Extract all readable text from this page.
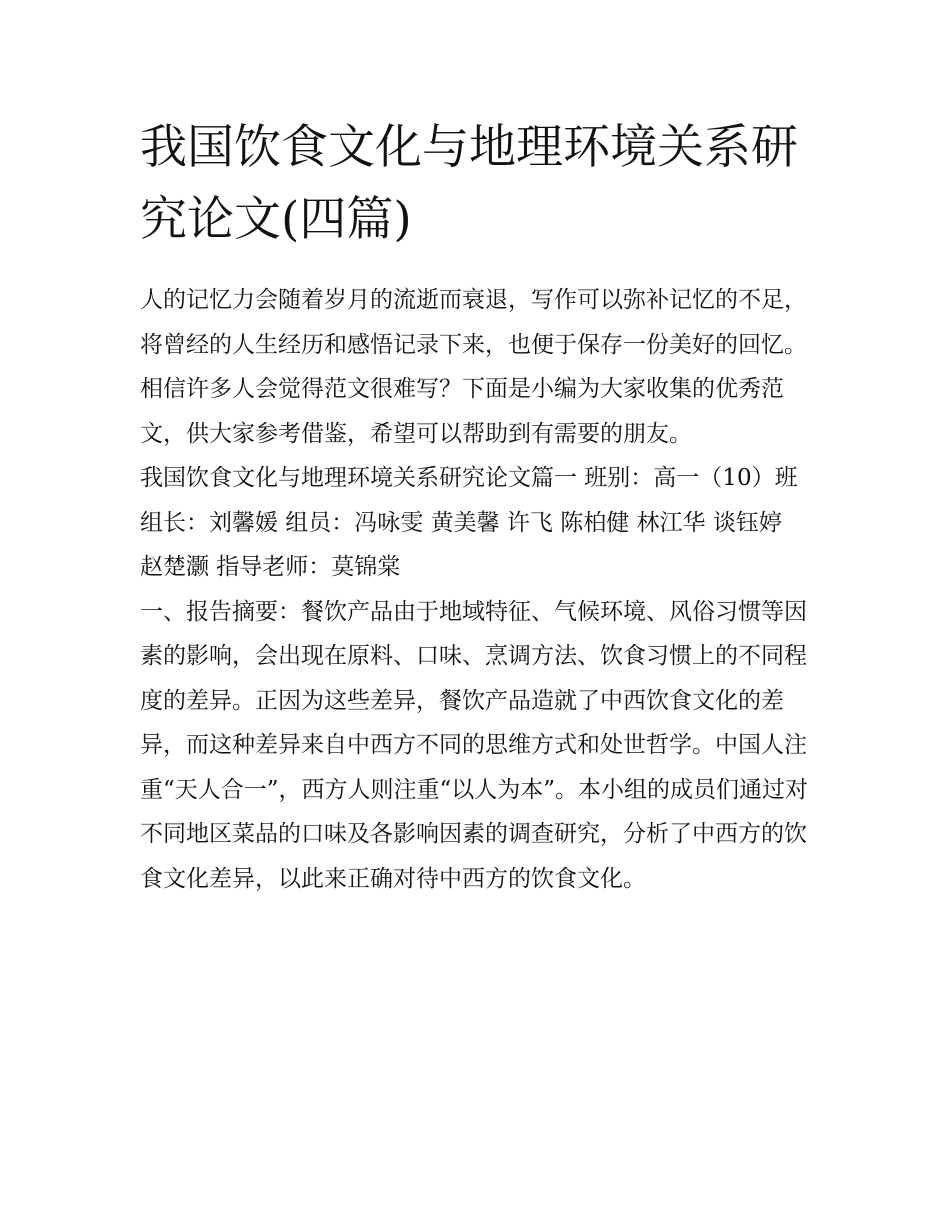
我国饮食文化与地理环境关系研究论文(四篇)

人的记忆力会随着岁月的流逝而衰退，写作可以弥补记忆的不足，将曾经的人生经历和感悟记录下来，也便于保存一份美好的回忆。相信许多人会觉得范文很难写？下面是小编为大家收集的优秀范文，供大家参考借鉴，希望可以帮助到有需要的朋友。

我国饮食文化与地理环境关系研究论文篇一 班别：高一（10）班 组长：刘馨媛 组员：冯咏雯 黄美馨 许飞 陈柏健 林江华 谈钰婷 赵楚灏 指导老师：莫锦棠

一、报告摘要：餐饮产品由于地域特征、气候环境、风俗习惯等因素的影响，会出现在原料、口味、烹调方法、饮食习惯上的不同程度的差异。正因为这些差异，餐饮产品造就了中西饮食文化的差异，而这种差异来自中西方不同的思维方式和处世哲学。中国人注重“天人合一”，西方人则注重“以人为本”。本小组的成员们通过对不同地区菜品的口味及各影响因素的调查研究，分析了中西方的饮食文化差异，以此来正确对待中西方的饮食文化。
